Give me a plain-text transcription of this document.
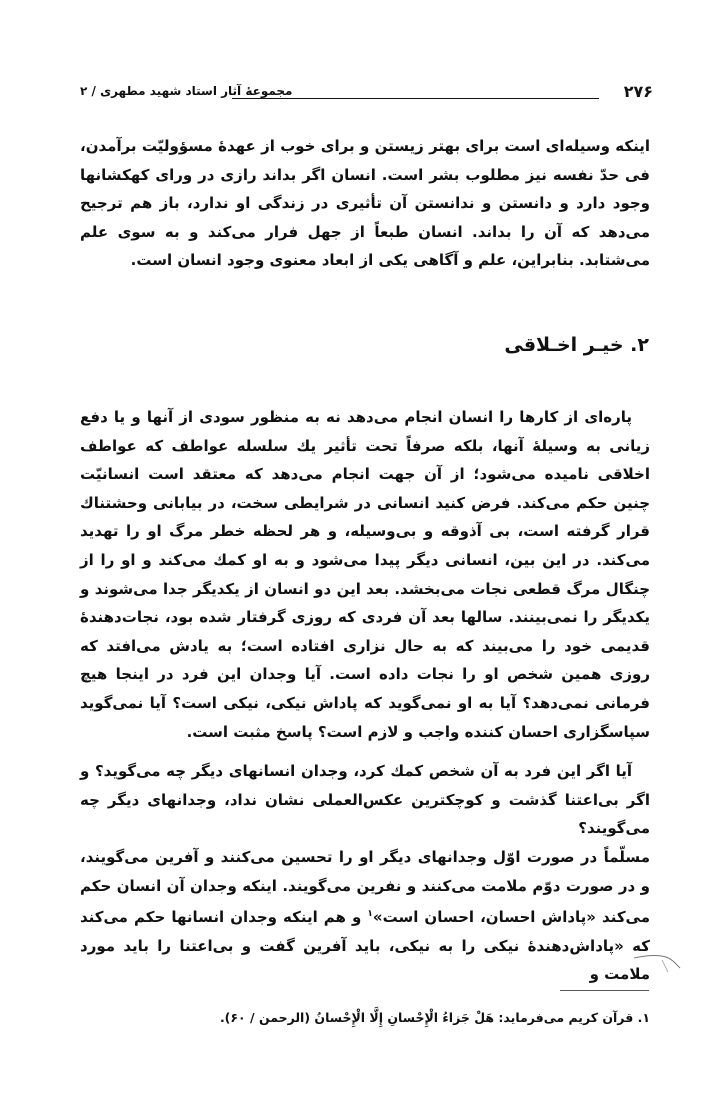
۲۷۶
مجموعهٔ آثار استاد شهید مطهری / ۲
اینکه وسیله‌ای است برای بهتر زیستن و برای خوب از عهدهٔ مسؤولیّت برآمدن، فی حدّ نفسه نیز مطلوب بشر است. انسان اگر بداند رازی در ورای کهکشانها وجود دارد و دانستن و ندانستن آن تأثیری در زندگی او ندارد، باز هم ترجیح می‌دهد که آن را بداند. انسان طبعاً از جهل فرار می‌کند و به سوی علم می‌شتابد. بنابراین، علم و آگاهی یکی از ابعاد معنوی وجود انسان است.
۲. خیـر اخـلاقی
پاره‌ای از کارها را انسان انجام می‌دهد نه به منظور سودی از آنها و یا دفع زیانی به وسیلهٔ آنها، بلکه صرفاً تحت تأثیر یك سلسله عواطف که عواطف اخلاقی نامیده می‌شود؛ از آن جهت انجام می‌دهد که معتقد است انسانیّت چنین حکم می‌کند. فرض کنید انسانی در شرایطی سخت، در بیابانی وحشتناك قرار گرفته است، بی آذوقه و بی‌وسیله، و هر لحظه خطر مرگ او را تهدید می‌کند. در این بین، انسانی دیگر پیدا می‌شود و به او کمك می‌کند و او را از چنگال مرگ قطعی نجات می‌بخشد. بعد این دو انسان از یکدیگر جدا می‌شوند و یکدیگر را نمی‌بینند. سالها بعد آن فردی که روزی گرفتار شده بود، نجات‌دهندهٔ قدیمی خود را می‌بیند که به حال نزاری افتاده است؛ به یادش می‌افتد که روزی همین شخص او را نجات داده است. آیا وجدان این فرد در اینجا هیچ فرمانی نمی‌دهد؟ آیا به او نمی‌گوید که پاداش نیکی، نیکی است؟ آیا نمی‌گوید سپاسگزاری احسان کننده واجب و لازم است؟ پاسخ مثبت است.
آیا اگر این فرد به آن شخص کمك کرد، وجدان انسانهای دیگر چه می‌گوید؟ و اگر بی‌اعتنا گذشت و کوچکترین عکس‌العملی نشان نداد، وجدانهای دیگر چه می‌گویند؟
مسلّماً در صورت اوّل وجدانهای دیگر او را تحسین می‌کنند و آفرین می‌گویند، و در صورت دوّم ملامت می‌کنند و نفرین می‌گویند. اینکه وجدان آن انسان حکم می‌کند «پاداش احسان، احسان است»$^۱$ و هم اینکه وجدان انسانها حکم می‌کند که «پاداش‌دهندهٔ نیکی را به نیکی، باید آفرین گفت و بی‌اعتنا را باید مورد ملامت و
۱. قرآن کریم می‌فرماید: هَلْ جَزاءُ الْإِحْسانِ إِلَّا الْإِحْسانُ (الرحمن / ۶۰).
